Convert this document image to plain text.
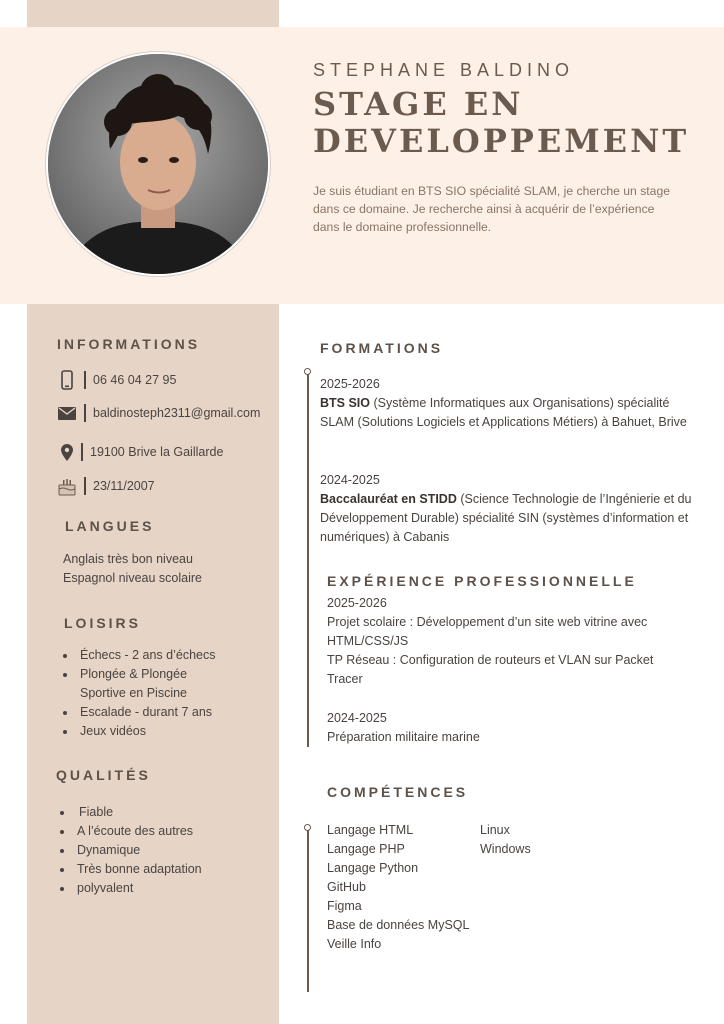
STEPHANE BALDINO
STAGE EN
DEVELOPPEMENT

Je suis étudiant en BTS SIO spécialité SLAM, je cherche un stage dans ce domaine. Je recherche ainsi à acquérir de l’expérience dans le domaine professionnelle.

INFORMATIONS
06 46 04 27 95
baldinosteph2311@gmail.com
19100 Brive la Gaillarde
23/11/2007
LANGUES
Anglais très bon niveau
Espagnol niveau scolaire
LOISIRS
Échecs - 2 ans d’échecs
Plongée & Plongée
Sportive en Piscine
Escalade - durant 7 ans
Jeux vidéos
QUALITÉS
Fiable
A l’écoute des autres
Dynamique
Très bonne adaptation
polyvalent
FORMATIONS
2025-2026
BTS SIO (Système Informatiques aux Organisations) spécialité SLAM (Solutions Logiciels et Applications Métiers) à Bahuet, Brive
2024-2025
Baccalauréat en STIDD (Science Technologie de l’Ingénierie et du Développement Durable) spécialité SIN (systèmes d’information et numériques) à Cabanis
EXPÉRIENCE PROFESSIONNELLE
2025-2026
Projet scolaire : Développement d’un site web vitrine avec HTML/CSS/JS
TP Réseau : Configuration de routeurs et VLAN sur Packet Tracer
2024-2025
Préparation militaire marine
COMPÉTENCES
Langage HTML
Langage PHP
Langage Python
GitHub
Figma
Base de données MySQL
Veille Info
Linux
Windows
